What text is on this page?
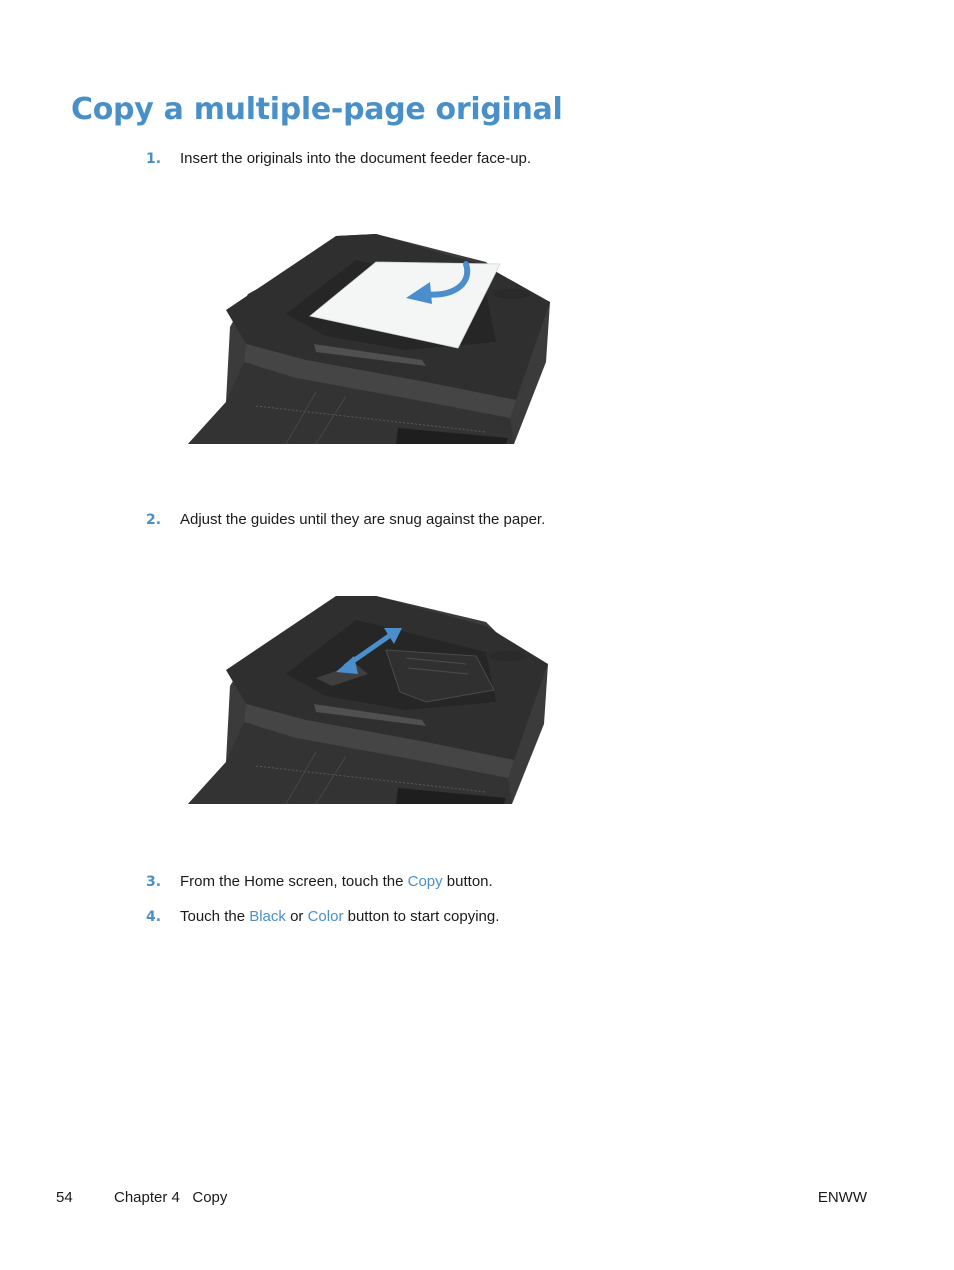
Copy a multiple-page original
1. Insert the originals into the document feeder face-up.
2. Adjust the guides until they are snug against the paper.
3. From the Home screen, touch the Copy button.
4. Touch the Black or Color button to start copying.
54	Chapter 4   Copy	ENWW
